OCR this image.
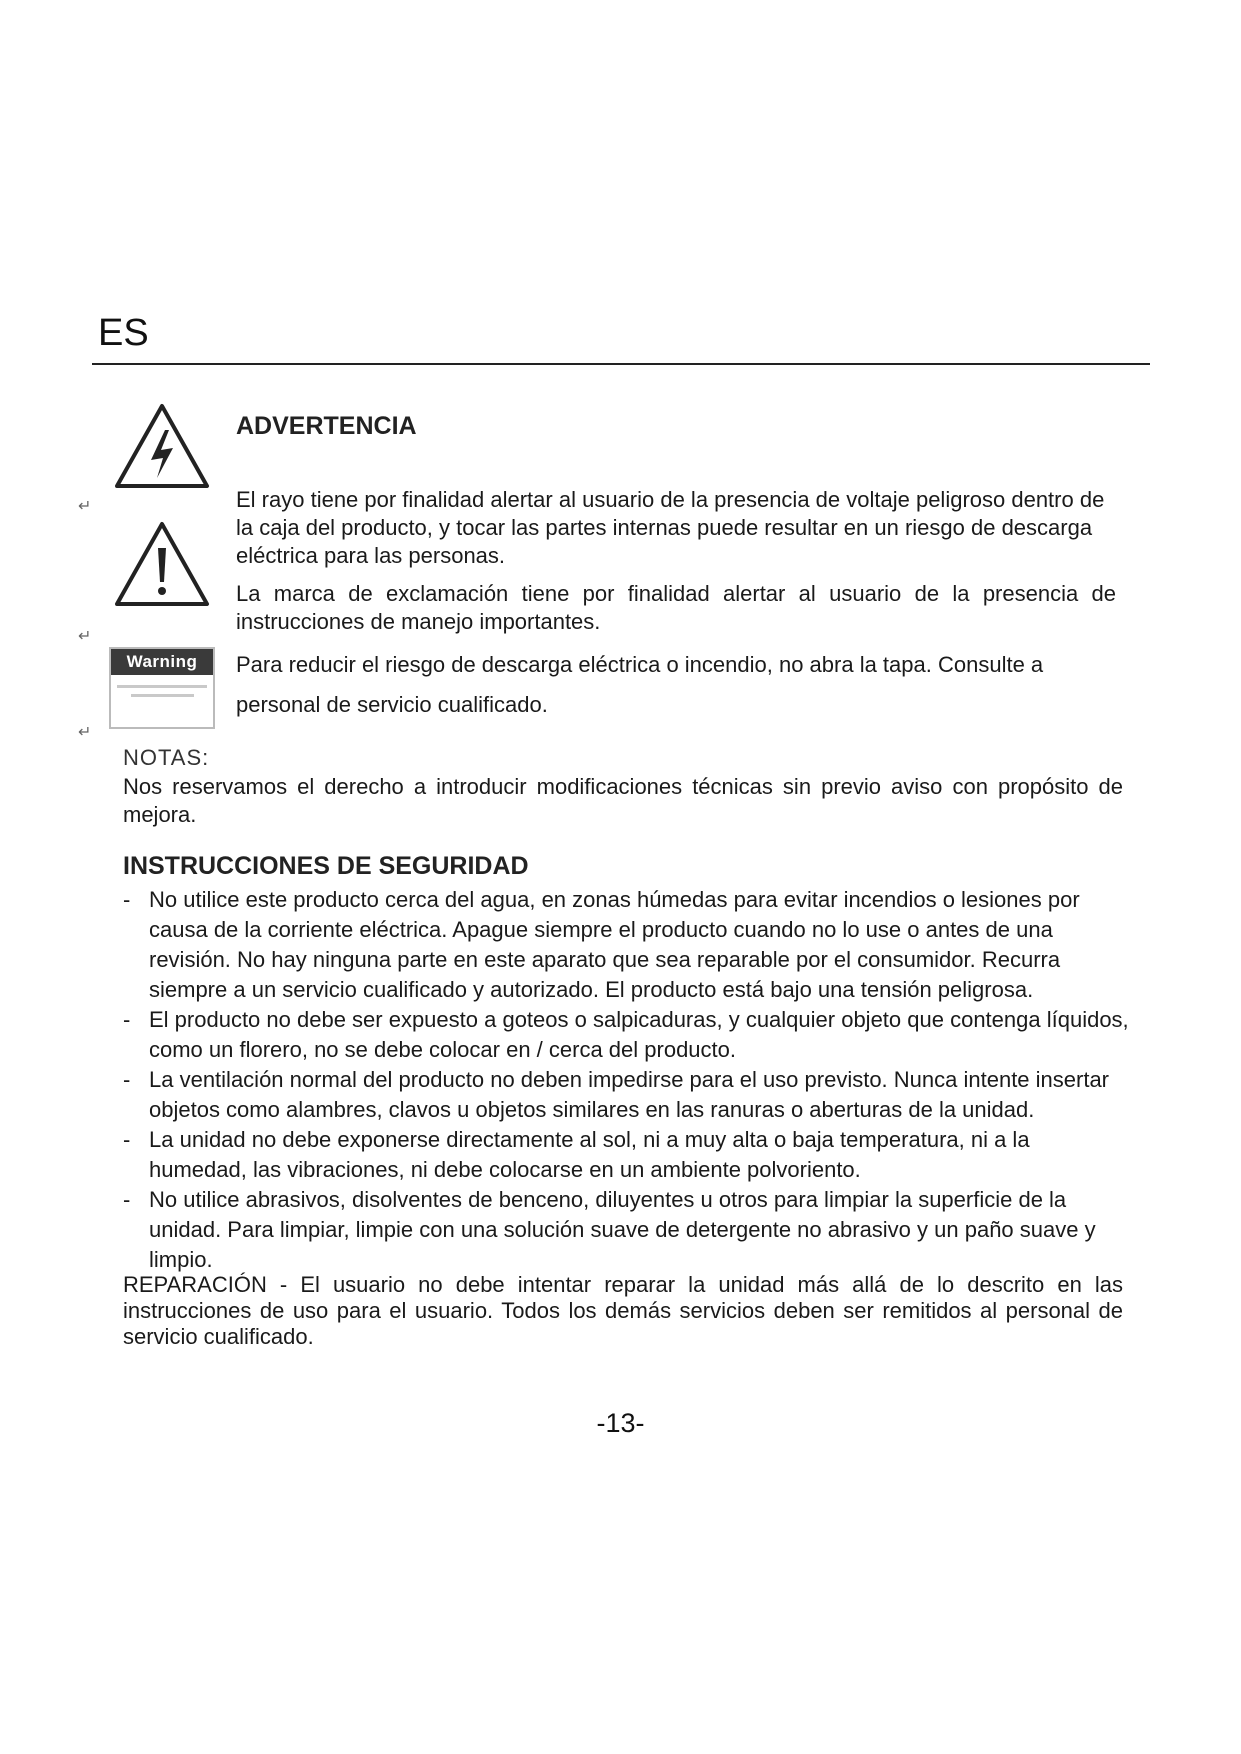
ES
Warning
↵
↵
↵
ADVERTENCIA
El rayo tiene por finalidad alertar al usuario de la presencia de voltaje peligroso dentro de la caja del producto, y tocar las partes internas puede resultar en un riesgo de descarga eléctrica para las personas.
La marca de exclamación tiene por finalidad alertar al usuario de la presencia de instrucciones de manejo importantes.
Para reducir el riesgo de descarga eléctrica o incendio, no abra la tapa. Consulte a personal de servicio cualificado.
NOTAS:
Nos reservamos el derecho a introducir modificaciones técnicas sin previo aviso con propósito de mejora.
INSTRUCCIONES DE SEGURIDAD
- No utilice este producto cerca del agua, en zonas húmedas para evitar incendios o lesiones por causa de la corriente eléctrica. Apague siempre el producto cuando no lo use o antes de una revisión. No hay ninguna parte en este aparato que sea reparable por el consumidor. Recurra siempre a un servicio cualificado y autorizado. El producto está bajo una tensión peligrosa.
- El producto no debe ser expuesto a goteos o salpicaduras, y cualquier objeto que contenga líquidos, como un florero, no se debe colocar en / cerca del producto.
- La ventilación normal del producto no deben impedirse para el uso previsto. Nunca intente insertar objetos como alambres, clavos u objetos similares en las ranuras o aberturas de la unidad.
- La unidad no debe exponerse directamente al sol, ni a muy alta o baja temperatura, ni a la humedad, las vibraciones, ni debe colocarse en un ambiente polvoriento.
- No utilice abrasivos, disolventes de benceno, diluyentes u otros para limpiar la superficie de la unidad. Para limpiar, limpie con una solución suave de detergente no abrasivo y un paño suave y limpio.
REPARACIÓN - El usuario no debe intentar reparar la unidad más allá de lo descrito en las instrucciones de uso para el usuario. Todos los demás servicios deben ser remitidos al personal de servicio cualificado.
-13-
